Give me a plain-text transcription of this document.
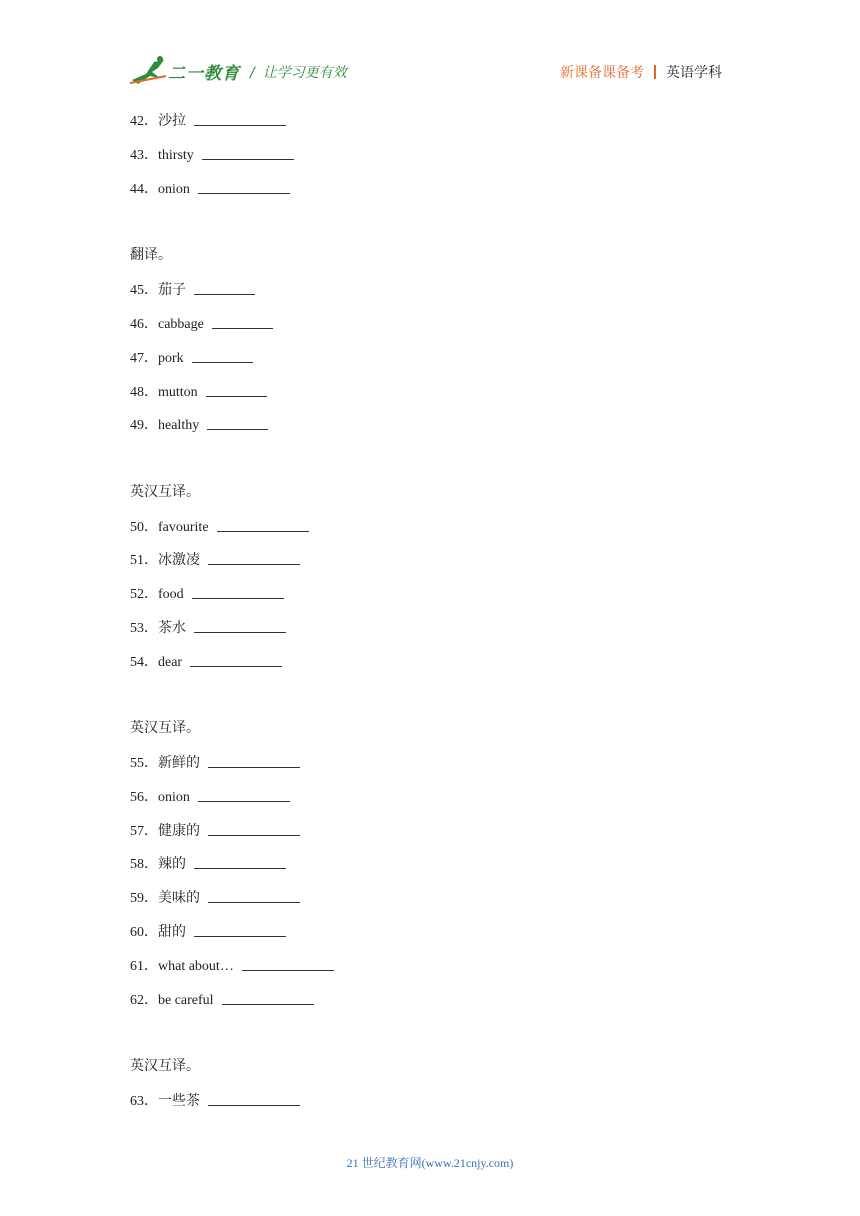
二一教育 / 让学习更有效	新课备课备考 英语学科
42．沙拉
43．thirsty
44．onion
翻译。
45．茄子
46．cabbage
47．pork
48．mutton
49．healthy
英汉互译。
50．favourite
51．冰激凌
52．food
53．茶水
54．dear
英汉互译。
55．新鲜的
56．onion
57．健康的
58．辣的
59．美味的
60．甜的
61．what about…
62．be careful
英汉互译。
63．一些茶
21 世纪教育网(www.21cnjy.com)
